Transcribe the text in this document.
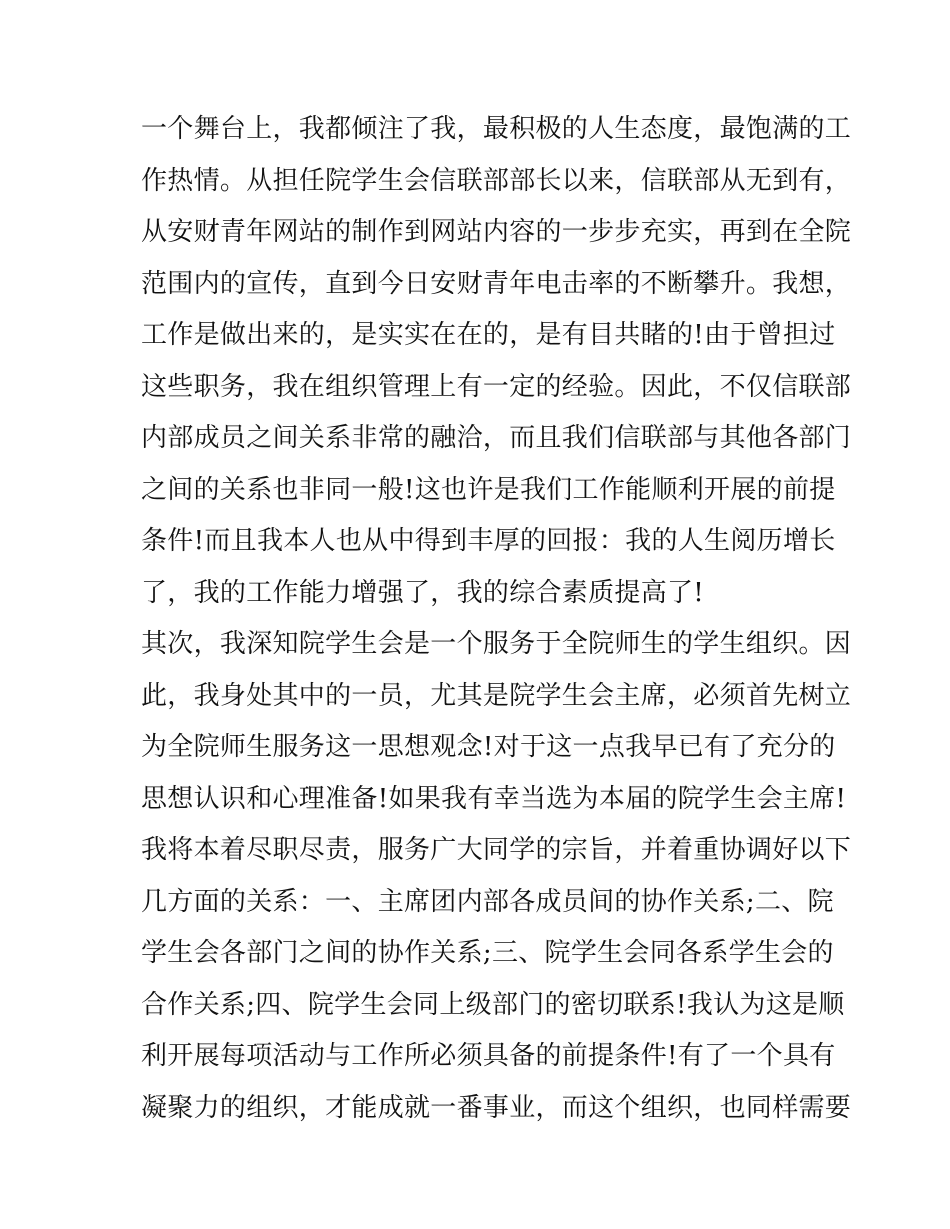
一个舞台上，我都倾注了我，最积极的人生态度，最饱满的工
作热情。从担任院学生会信联部部长以来，信联部从无到有，
从安财青年网站的制作到网站内容的一步步充实，再到在全院
范围内的宣传，直到今日安财青年电击率的不断攀升。我想，
工作是做出来的，是实实在在的，是有目共睹的!由于曾担过
这些职务，我在组织管理上有一定的经验。因此，不仅信联部
内部成员之间关系非常的融洽，而且我们信联部与其他各部门
之间的关系也非同一般!这也许是我们工作能顺利开展的前提
条件!而且我本人也从中得到丰厚的回报：我的人生阅历增长
了，我的工作能力增强了，我的综合素质提高了!
其次，我深知院学生会是一个服务于全院师生的学生组织。因
此，我身处其中的一员，尤其是院学生会主席，必须首先树立
为全院师生服务这一思想观念!对于这一点我早已有了充分的
思想认识和心理准备!如果我有幸当选为本届的院学生会主席!
我将本着尽职尽责，服务广大同学的宗旨，并着重协调好以下
几方面的关系：一、主席团内部各成员间的协作关系;二、院
学生会各部门之间的协作关系;三、院学生会同各系学生会的
合作关系;四、院学生会同上级部门的密切联系!我认为这是顺
利开展每项活动与工作所必须具备的前提条件!有了一个具有
凝聚力的组织，才能成就一番事业，而这个组织，也同样需要
